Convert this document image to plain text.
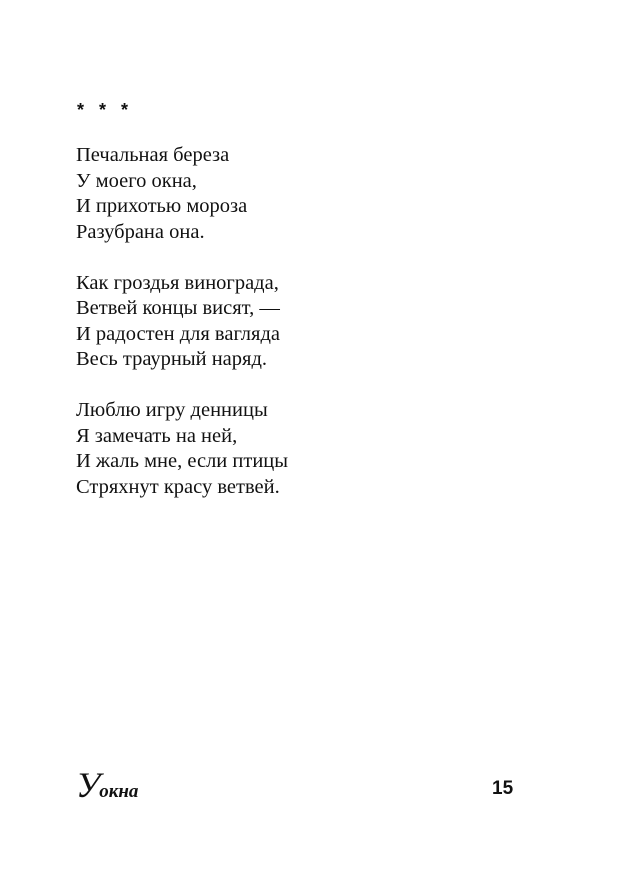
* * *
Печальная береза
У моего окна,
И прихотью мороза
Разубрана она.
Как гроздья винограда,
Ветвей концы висят, —
И радостен для вагляда
Весь траурный наряд.
Люблю игру денницы
Я замечать на ней,
И жаль мне, если птицы
Стряхнут красу ветвей.
Уокна	15
